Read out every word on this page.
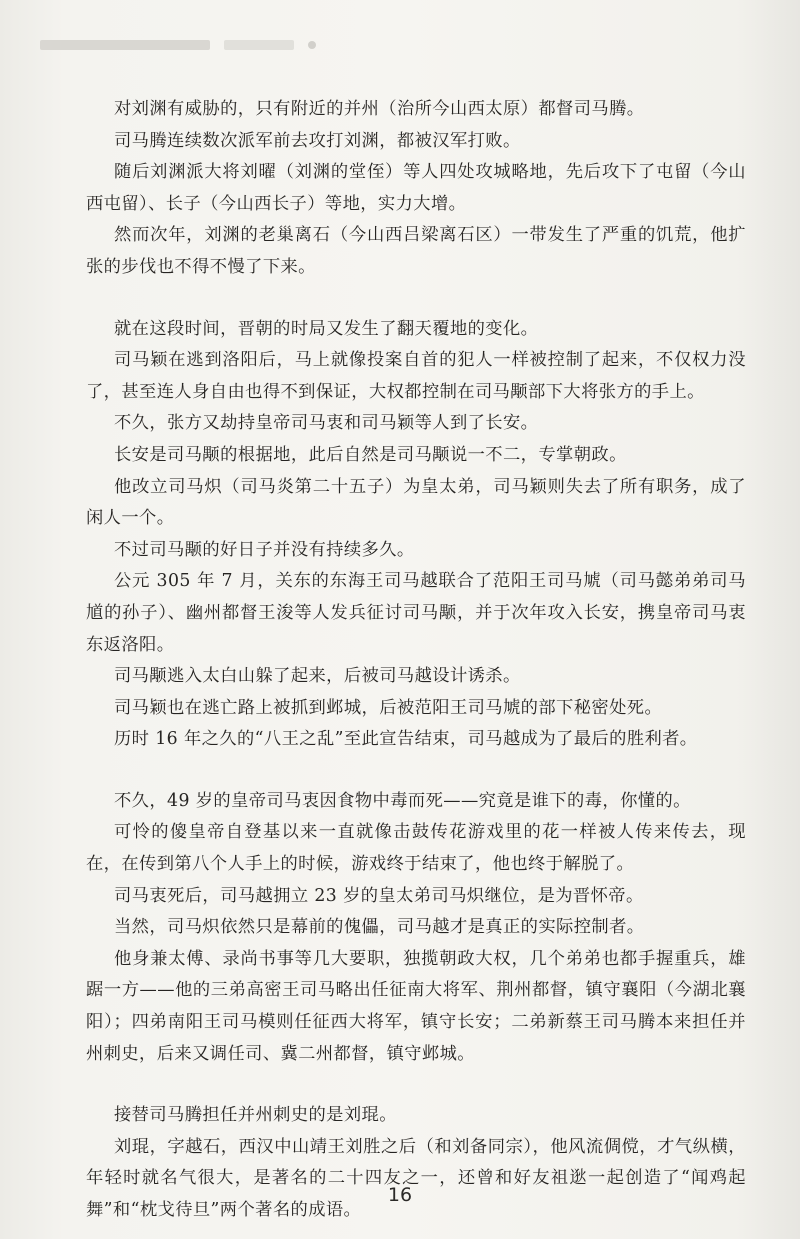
对刘渊有威胁的，只有附近的并州（治所今山西太原）都督司马腾。

司马腾连续数次派军前去攻打刘渊，都被汉军打败。

随后刘渊派大将刘曜（刘渊的堂侄）等人四处攻城略地，先后攻下了屯留（今山西屯留）、长子（今山西长子）等地，实力大增。

然而次年，刘渊的老巢离石（今山西吕梁离石区）一带发生了严重的饥荒，他扩张的步伐也不得不慢了下来。

就在这段时间，晋朝的时局又发生了翻天覆地的变化。

司马颖在逃到洛阳后，马上就像投案自首的犯人一样被控制了起来，不仅权力没了，甚至连人身自由也得不到保证，大权都控制在司马颙部下大将张方的手上。

不久，张方又劫持皇帝司马衷和司马颖等人到了长安。

长安是司马颙的根据地，此后自然是司马颙说一不二，专掌朝政。

他改立司马炽（司马炎第二十五子）为皇太弟，司马颖则失去了所有职务，成了闲人一个。

不过司马颙的好日子并没有持续多久。

公元 305 年 7 月，关东的东海王司马越联合了范阳王司马虓（司马懿弟弟司马馗的孙子）、幽州都督王浚等人发兵征讨司马颙，并于次年攻入长安，携皇帝司马衷东返洛阳。

司马颙逃入太白山躲了起来，后被司马越设计诱杀。

司马颖也在逃亡路上被抓到邺城，后被范阳王司马虓的部下秘密处死。

历时 16 年之久的“八王之乱”至此宣告结束，司马越成为了最后的胜利者。

不久，49 岁的皇帝司马衷因食物中毒而死——究竟是谁下的毒，你懂的。

可怜的傻皇帝自登基以来一直就像击鼓传花游戏里的花一样被人传来传去，现在，在传到第八个人手上的时候，游戏终于结束了，他也终于解脱了。

司马衷死后，司马越拥立 23 岁的皇太弟司马炽继位，是为晋怀帝。

当然，司马炽依然只是幕前的傀儡，司马越才是真正的实际控制者。

他身兼太傅、录尚书事等几大要职，独揽朝政大权，几个弟弟也都手握重兵，雄踞一方——他的三弟高密王司马略出任征南大将军、荆州都督，镇守襄阳（今湖北襄阳）；四弟南阳王司马模则任征西大将军，镇守长安；二弟新蔡王司马腾本来担任并州刺史，后来又调任司、冀二州都督，镇守邺城。

接替司马腾担任并州刺史的是刘琨。

刘琨，字越石，西汉中山靖王刘胜之后（和刘备同宗），他风流倜傥，才气纵横，年轻时就名气很大，是著名的二十四友之一，还曾和好友祖逖一起创造了“闻鸡起舞”和“枕戈待旦”两个著名的成语。

16
